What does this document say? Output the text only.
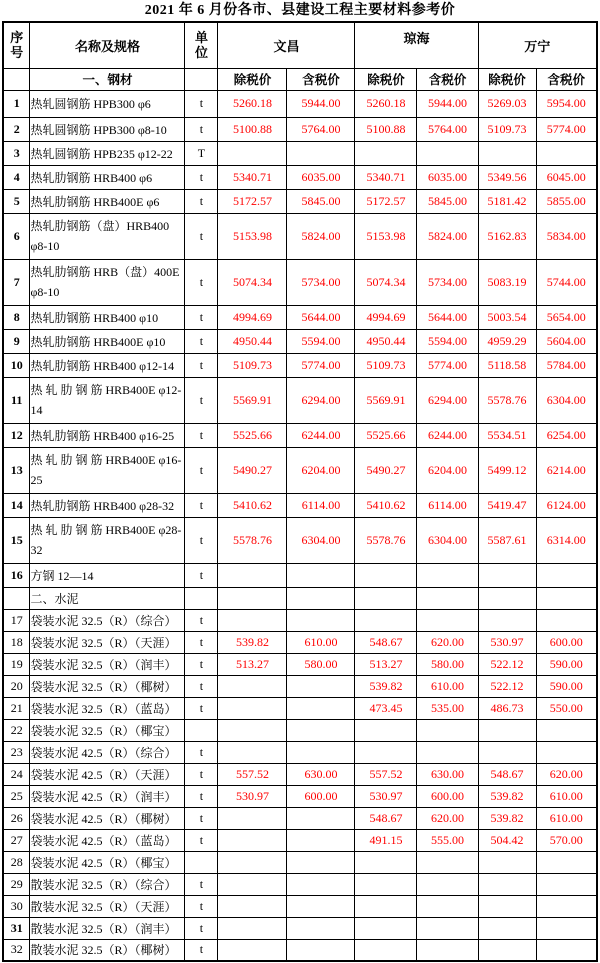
2021 年 6 月份各市、县建设工程主要材料参考价
序
号	名称及规格	
单
位	文昌	琼海	万宁
	一、钢材		除税价	含税价	除税价	含税价	除税价	含税价
1	热轧圆钢筋 HPB300 φ6	t	5260.18	5944.00	5260.18	5944.00	5269.03	5954.00
2	热轧圆钢筋 HPB300 φ8-10	t	5100.88	5764.00	5100.88	5764.00	5109.73	5774.00
3	热轧圆钢筋 HPB235 φ12-22	T						
4	热轧肋钢筋 HRB400 φ6	t	5340.71	6035.00	5340.71	6035.00	5349.56	6045.00
5	热轧肋钢筋 HRB400E φ6	t	5172.57	5845.00	5172.57	5845.00	5181.42	5855.00
6	热轧肋钢筋（盘）HRB400 φ8-10	t	5153.98	5824.00	5153.98	5824.00	5162.83	5834.00
7	热轧肋钢筋 HRB（盘）400E φ8-10	t	5074.34	5734.00	5074.34	5734.00	5083.19	5744.00
8	热轧肋钢筋 HRB400 φ10	t	4994.69	5644.00	4994.69	5644.00	5003.54	5654.00
9	热轧肋钢筋 HRB400E φ10	t	4950.44	5594.00	4950.44	5594.00	4959.29	5604.00
10	热轧肋钢筋 HRB400 φ12-14	t	5109.73	5774.00	5109.73	5774.00	5118.58	5784.00
11	热 轧 肋 钢 筋 HRB400E φ12-14	t	5569.91	6294.00	5569.91	6294.00	5578.76	6304.00
12	热轧肋钢筋 HRB400 φ16-25	t	5525.66	6244.00	5525.66	6244.00	5534.51	6254.00
13	热 轧 肋 钢 筋 HRB400E φ16-25	t	5490.27	6204.00	5490.27	6204.00	5499.12	6214.00
14	热轧肋钢筋 HRB400 φ28-32	t	5410.62	6114.00	5410.62	6114.00	5419.47	6124.00
15	热 轧 肋 钢 筋 HRB400E φ28-32	t	5578.76	6304.00	5578.76	6304.00	5587.61	6314.00
16	方钢 12—14	t						
	二、水泥							
17	袋装水泥 32.5（R）（综合）	t						
18	袋装水泥 32.5（R）（天涯）	t	539.82	610.00	548.67	620.00	530.97	600.00
19	袋装水泥 32.5（R）（润丰）	t	513.27	580.00	513.27	580.00	522.12	590.00
20	袋装水泥 32.5（R）（椰树）	t			539.82	610.00	522.12	590.00
21	袋装水泥 32.5（R）（蓝岛）	t			473.45	535.00	486.73	550.00
22	袋装水泥 32.5（R）（椰宝）							
23	袋装水泥 42.5（R）（综合）	t						
24	袋装水泥 42.5（R）（天涯）	t	557.52	630.00	557.52	630.00	548.67	620.00
25	袋装水泥 42.5（R）（润丰）	t	530.97	600.00	530.97	600.00	539.82	610.00
26	袋装水泥 42.5（R）（椰树）	t			548.67	620.00	539.82	610.00
27	袋装水泥 42.5（R）（蓝岛）	t			491.15	555.00	504.42	570.00
28	袋装水泥 42.5（R）（椰宝）							
29	散装水泥 32.5（R）（综合）	t						
30	散装水泥 32.5（R）（天涯）	t						
31	散装水泥 32.5（R）（润丰）	t						
32	散装水泥 32.5（R）（椰树）	t						
